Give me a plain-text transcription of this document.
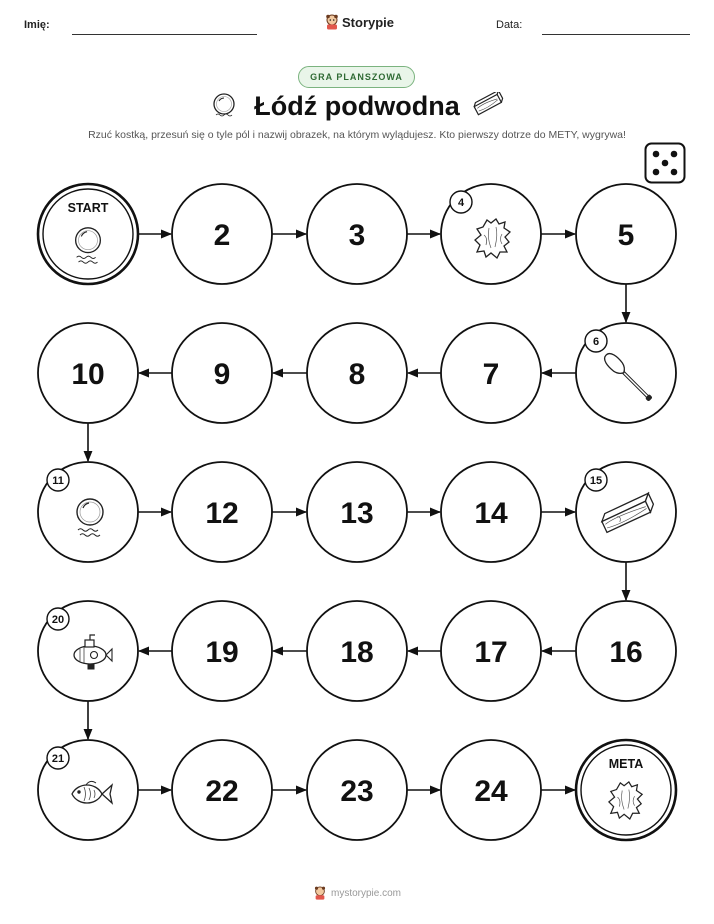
Imię:	Storypie	Data:
GRA PLANSZOWA
Łódź podwodna
Rzuć kostką, przesuń się o tyle pól i nazwij obrazek, na którym wylądujesz. Kto pierwszy dotrze do METY, wygrywa!
START
2	3
4
5
6
7
8
9
10
11
12	13	14
15
16
17
18
19
20
21
22	23	24
META
mystorypie.com
